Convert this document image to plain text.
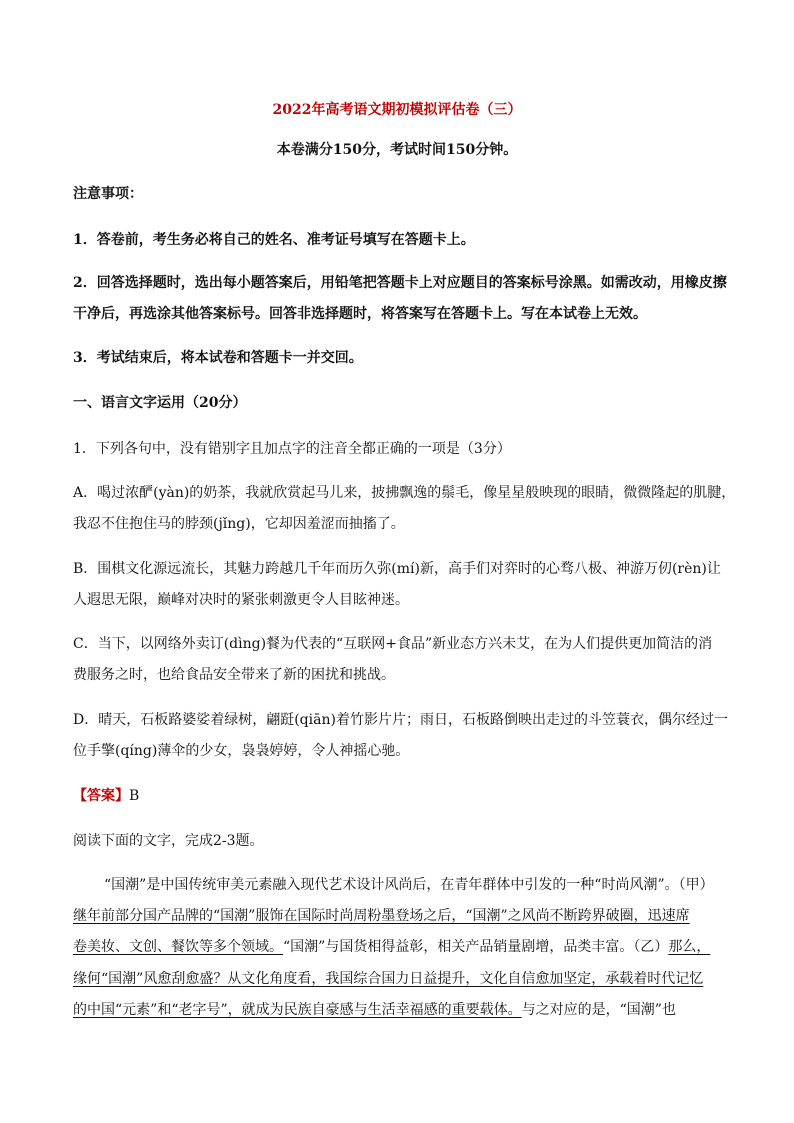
2022年高考语文期初模拟评估卷（三）
本卷满分150分，考试时间150分钟。
注意事项：
1．答卷前，考生务必将自己的姓名、准考证号填写在答题卡上。
2．回答选择题时，选出每小题答案后，用铅笔把答题卡上对应题目的答案标号涂黑。如需改动，用橡皮擦
干净后，再选涂其他答案标号。回答非选择题时，将答案写在答题卡上。写在本试卷上无效。
3．考试结束后，将本试卷和答题卡一并交回。
一、语言文字运用（20分）
1．下列各句中，没有错别字且加点字的注音全都正确的一项是（3分）
A．喝过浓酽(yàn)的奶茶，我就欣赏起马儿来，披拂飘逸的鬃毛，像星星般映现的眼睛，微微隆起的肌腱，
我忍不住抱住马的脖颈(jǐng)，它却因羞涩而抽搐了。
B．围棋文化源远流长，其魅力跨越几千年而历久弥(mí)新，高手们对弈时的心骛八极、神游万仞(rèn)让
人遐思无限，巅峰对决时的紧张刺激更令人目眩神迷。
C．当下，以网络外卖订(dìng)餐为代表的“互联网+食品”新业态方兴未艾，在为人们提供更加简洁的消
费服务之时，也给食品安全带来了新的困扰和挑战。
D．晴天，石板路婆娑着绿树，翩跹(qiān)着竹影片片；雨日，石板路倒映出走过的斗笠蓑衣，偶尔经过一
位手擎(qíng)薄伞的少女，袅袅婷婷，令人神摇心驰。
【答案】B
阅读下面的文字，完成2-3题。
“国潮”是中国传统审美元素融入现代艺术设计风尚后，在青年群体中引发的一种“时尚风潮”。（甲）
继年前部分国产品牌的“国潮”服饰在国际时尚周粉墨登场之后，“国潮”之风尚不断跨界破圈，迅速席
卷美妆、文创、餐饮等多个领域。“国潮”与国货相得益彰，相关产品销量剧增，品类丰富。（乙）那么，
缘何“国潮”风愈刮愈盛？从文化角度看，我国综合国力日益提升，文化自信愈加坚定，承载着时代记忆
的中国“元素”和“老字号”，就成为民族自豪感与生活幸福感的重要载体。与之对应的是，“国潮”也
